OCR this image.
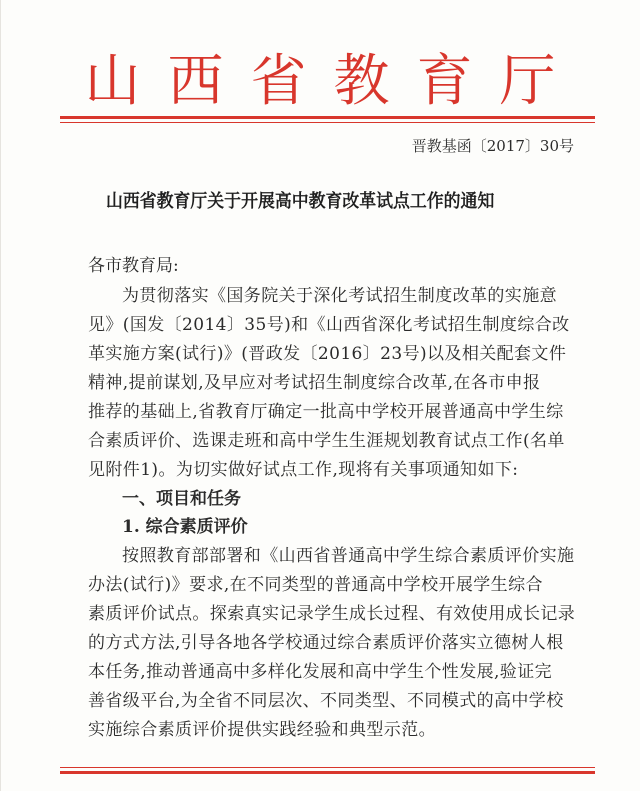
山西省教育厅
晋教基函〔2017〕30号
山西省教育厅关于开展高中教育改革试点工作的通知
各市教育局:
为贯彻落实《国务院关于深化考试招生制度改革的实施意
见》(国发〔2014〕35号)和《山西省深化考试招生制度综合改
革实施方案(试行)》(晋政发〔2016〕23号)以及相关配套文件
精神,提前谋划,及早应对考试招生制度综合改革,在各市申报
推荐的基础上,省教育厅确定一批高中学校开展普通高中学生综
合素质评价、选课走班和高中学生生涯规划教育试点工作(名单
见附件1)。为切实做好试点工作,现将有关事项通知如下:
一、项目和任务
1. 综合素质评价
按照教育部部署和《山西省普通高中学生综合素质评价实施
办法(试行)》要求,在不同类型的普通高中学校开展学生综合
素质评价试点。探索真实记录学生成长过程、有效使用成长记录
的方式方法,引导各地各学校通过综合素质评价落实立德树人根
本任务,推动普通高中多样化发展和高中学生个性发展,验证完
善省级平台,为全省不同层次、不同类型、不同模式的高中学校
实施综合素质评价提供实践经验和典型示范。
